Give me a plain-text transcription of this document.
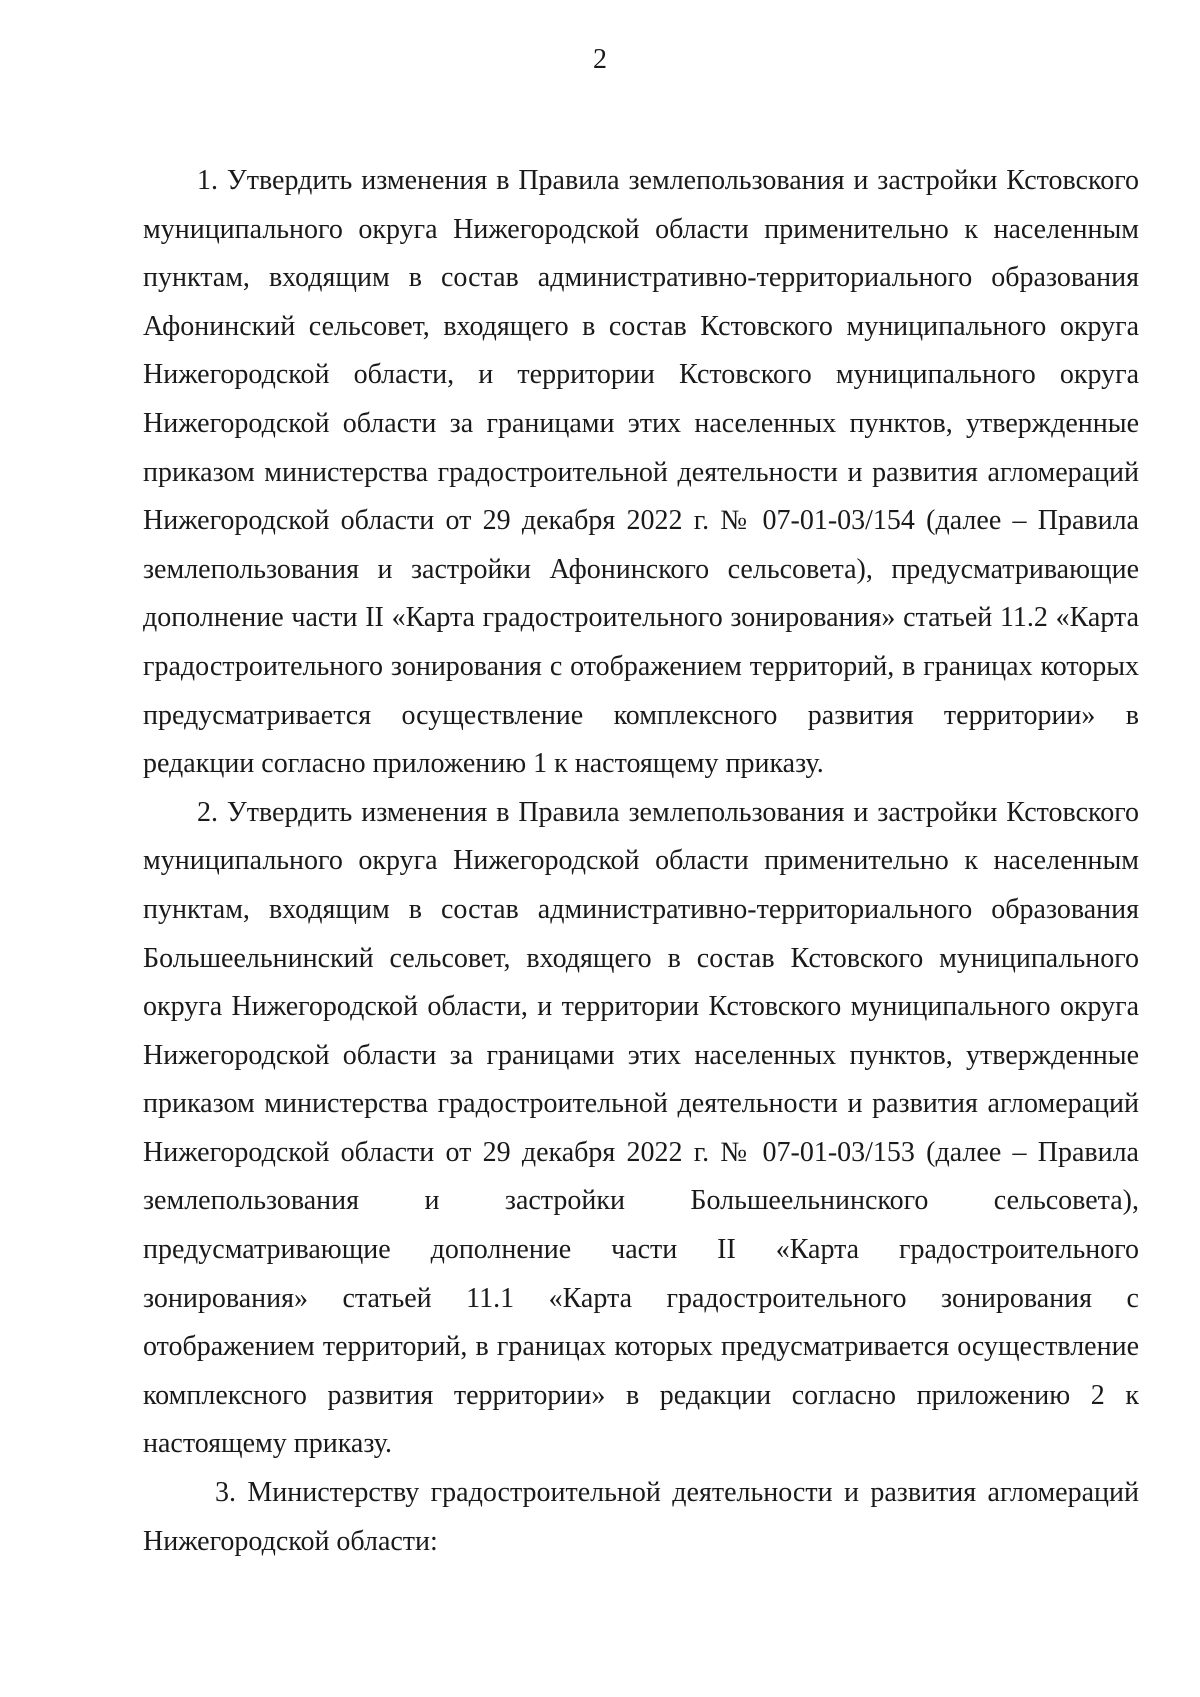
2

1. Утвердить изменения в Правила землепользования и застройки Кстовского муниципального округа Нижегородской области применительно к населенным пунктам, входящим в состав административно-территориального образования Афонинский сельсовет, входящего в состав Кстовского муниципального округа Нижегородской области, и территории Кстовского муниципального округа Нижегородской области за границами этих населенных пунктов, утвержденные приказом министерства градостроительной деятельности и развития агломераций Нижегородской области от 29 декабря 2022 г. № 07-01-03/154 (далее – Правила землепользования и застройки Афонинского сельсовета), предусматривающие дополнение части II «Карта градостроительного зонирования» статьей 11.2 «Карта градостроительного зонирования с отображением территорий, в границах которых предусматривается осуществление комплексного развития территории» в редакции согласно приложению 1 к настоящему приказу.

2. Утвердить изменения в Правила землепользования и застройки Кстовского муниципального округа Нижегородской области применительно к населенным пунктам, входящим в состав административно-территориального образования Большеельнинский сельсовет, входящего в состав Кстовского муниципального округа Нижегородской области, и территории Кстовского муниципального округа Нижегородской области за границами этих населенных пунктов, утвержденные приказом министерства градостроительной деятельности и развития агломераций Нижегородской области от 29 декабря 2022 г. № 07-01-03/153 (далее – Правила землепользования и застройки Большеельнинского сельсовета), предусматривающие дополнение части II «Карта градостроительного зонирования» статьей 11.1 «Карта градостроительного зонирования с отображением территорий, в границах которых предусматривается осуществление комплексного развития территории» в редакции согласно приложению 2 к настоящему приказу.

3. Министерству градостроительной деятельности и развития агломераций Нижегородской области:
